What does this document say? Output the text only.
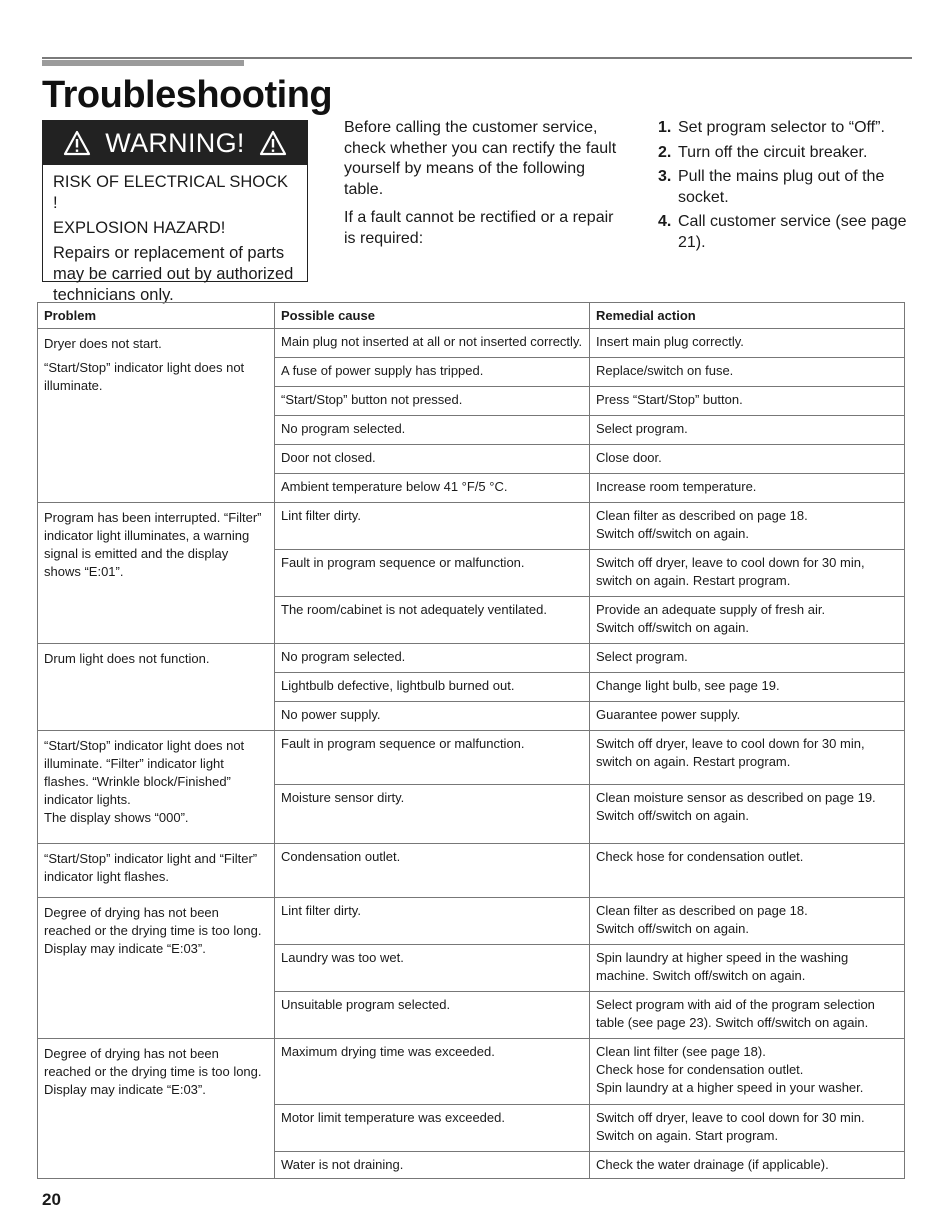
Troubleshooting
WARNING!

RISK OF ELECTRICAL SHOCK !

EXPLOSION HAZARD!

Repairs or replacement of parts may be carried out by authorized technicians only.

Before calling the customer service, check whether you can rectify the fault yourself by means of the following table.

If a fault cannot be rectified or a repair is required:

1. Set program selector to “Off”.
2. Turn off the circuit breaker.
3. Pull the mains plug out of the socket.
4. Call customer service (see page 21).
Problem	Possible cause	Remedial action

Dryer does not start.
“Start/Stop” indicator light does not illuminate.	Main plug not inserted at all or not inserted correctly.	Insert main plug correctly.

	A fuse of power supply has tripped.	Replace/switch on fuse.

	“Start/Stop” button not pressed.	Press “Start/Stop” button.

	No program selected.	Select program.

	Door not closed.	Close door.

	Ambient temperature below 41 °F/5 °C.	Increase room temperature.

Program has been interrupted. “Filter” indicator light illuminates, a warning signal is emitted and the display shows “E:01”.	Lint filter dirty.	Clean filter as described on page 18.
Switch off/switch on again.

	Fault in program sequence or malfunction.	Switch off dryer, leave to cool down for 30 min, switch on again. Restart program.

	The room/cabinet is not adequately ventilated.	Provide an adequate supply of fresh air.
Switch off/switch on again.

Drum light does not function.	No program selected.	Select program.

	Lightbulb defective, lightbulb burned out.	Change light bulb, see page 19.

	No power supply.	Guarantee power supply.

“Start/Stop” indicator light does not illuminate. “Filter” indicator light flashes. “Wrinkle block/Finished” indicator lights.
The display shows “000”.	Fault in program sequence or malfunction.	Switch off dryer, leave to cool down for 30 min, switch on again. Restart program.

	Moisture sensor dirty.	Clean moisture sensor as described on page 19.
Switch off/switch on again.

“Start/Stop” indicator light and “Filter” indicator light flashes.	Condensation outlet.	Check hose for condensation outlet.

Degree of drying has not been reached or the drying time is too long.
Display may indicate “E:03”.	Lint filter dirty.	Clean filter as described on page 18.
Switch off/switch on again.

	Laundry was too wet.	Spin laundry at higher speed in the washing machine. Switch off/switch on again.

	Unsuitable program selected.	Select program with aid of the program selection table (see page 23). Switch off/switch on again.

Degree of drying has not been reached or the drying time is too long.
Display may indicate “E:03”.	Maximum drying time was exceeded.	Clean lint filter (see page 18).
Check hose for condensation outlet.
Spin laundry at a higher speed in your washer.

	Motor limit temperature was exceeded.	Switch off dryer, leave to cool down for 30 min.
Switch on again. Start program.

	Water is not draining.	Check the water drainage (if applicable).
20
